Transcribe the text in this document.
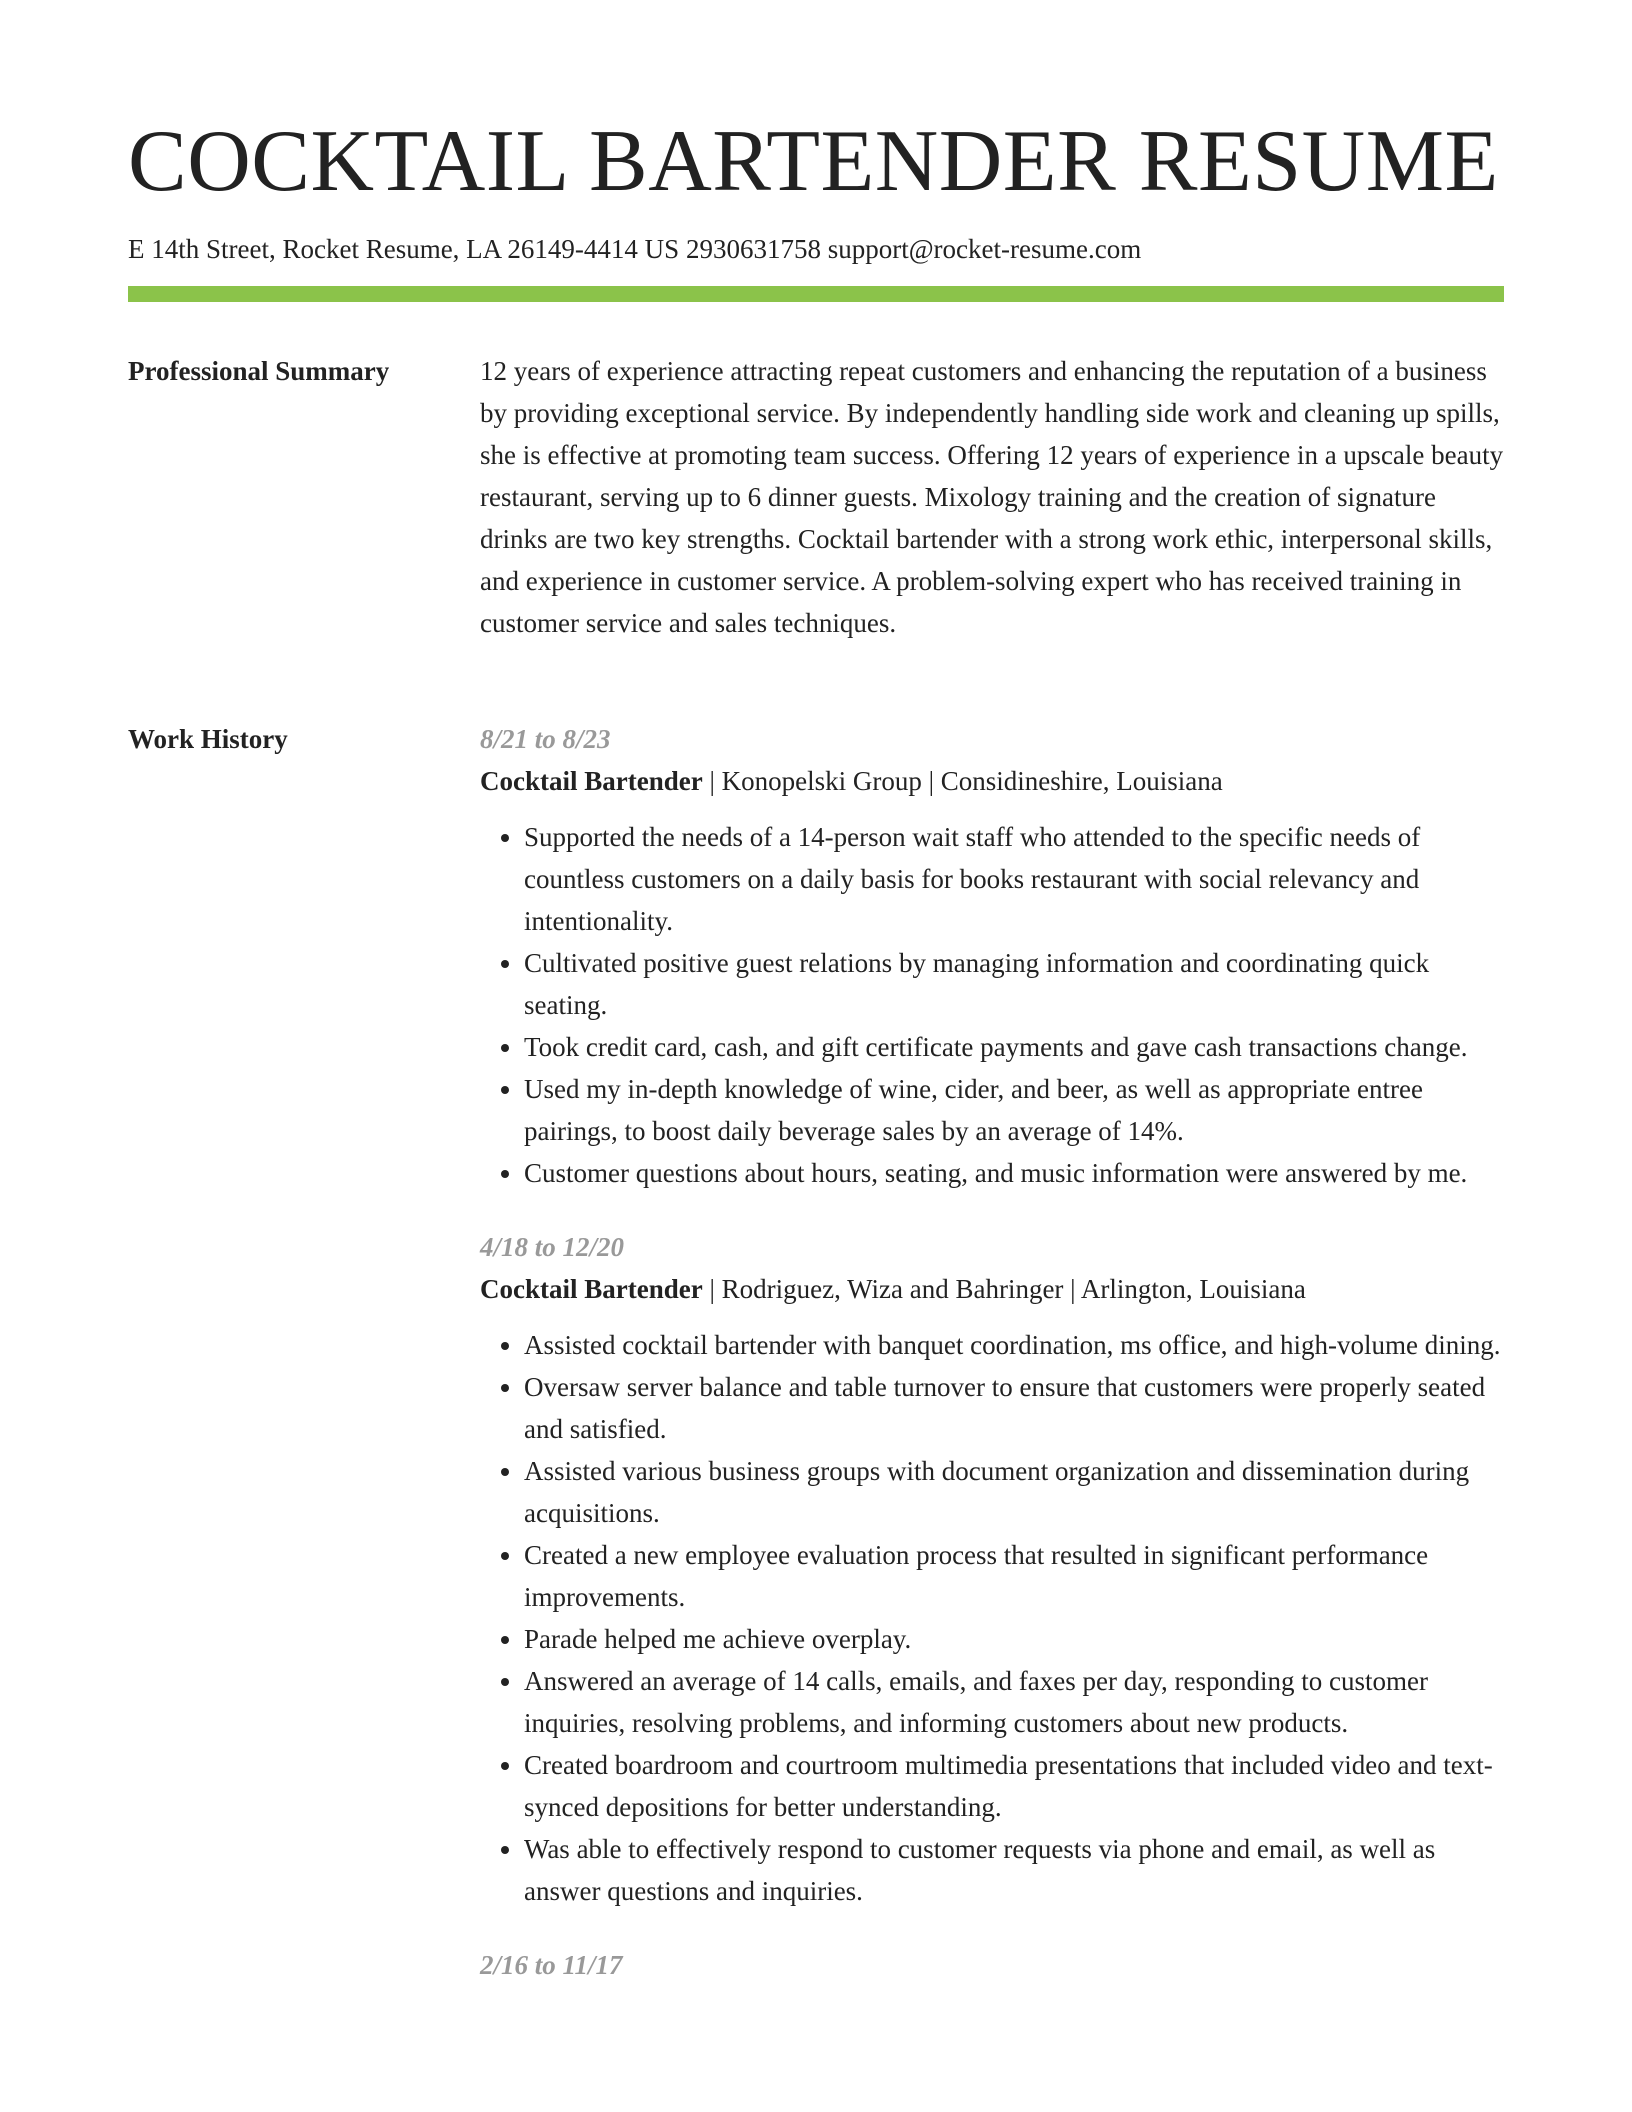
COCKTAIL BARTENDER RESUME
E 14th Street, Rocket Resume, LA 26149-4414 US 2930631758 support@rocket-resume.com
Professional Summary	12 years of experience attracting repeat customers and enhancing the reputation of a business by providing exceptional service. By independently handling side work and cleaning up spills, she is effective at promoting team success. Offering 12 years of experience in a upscale beauty restaurant, serving up to 6 dinner guests. Mixology training and the creation of signature drinks are two key strengths. Cocktail bartender with a strong work ethic, interpersonal skills, and experience in customer service. A problem-solving expert who has received training in customer service and sales techniques.

Work History	8/21 to 8/23

Cocktail Bartender | Konopelski Group | Considineshire, Louisiana

• Supported the needs of a 14-person wait staff who attended to the specific needs of countless customers on a daily basis for books restaurant with social relevancy and intentionality.
• Cultivated positive guest relations by managing information and coordinating quick seating.
• Took credit card, cash, and gift certificate payments and gave cash transactions change.
• Used my in-depth knowledge of wine, cider, and beer, as well as appropriate entree pairings, to boost daily beverage sales by an average of 14%.
• Customer questions about hours, seating, and music information were answered by me.

4/18 to 12/20

Cocktail Bartender | Rodriguez, Wiza and Bahringer | Arlington, Louisiana

• Assisted cocktail bartender with banquet coordination, ms office, and high-volume dining.
• Oversaw server balance and table turnover to ensure that customers were properly seated and satisfied.
• Assisted various business groups with document organization and dissemination during acquisitions.
• Created a new employee evaluation process that resulted in significant performance improvements.
• Parade helped me achieve overplay.
• Answered an average of 14 calls, emails, and faxes per day, responding to customer inquiries, resolving problems, and informing customers about new products.
• Created boardroom and courtroom multimedia presentations that included video and text-synced depositions for better understanding.
• Was able to effectively respond to customer requests via phone and email, as well as answer questions and inquiries.

2/16 to 11/17
